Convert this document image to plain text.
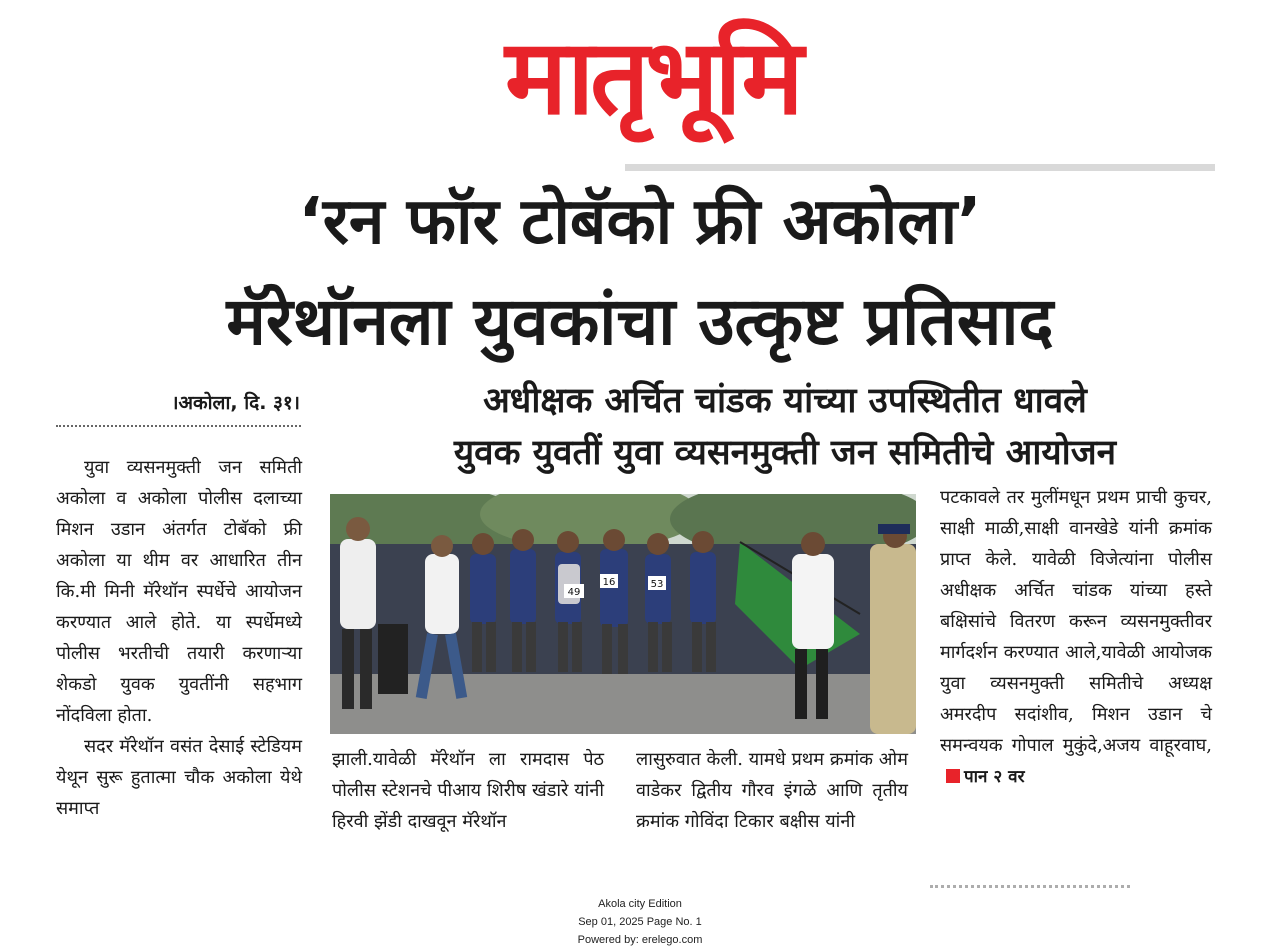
मातृभूमि
‘रन फॉर टोबॅको फ्री अकोला’
मॅरेथॉनला युवकांचा उत्कृष्ट प्रतिसाद
अधीक्षक अर्चित चांडक यांच्या उपस्थितीत धावले
युवक युवतीं युवा व्यसनमुक्ती जन समितीचे आयोजन
।अकोला, दि. ३१।

युवा व्यसनमुक्ती जन समिती अकोला व अकोला पोलीस दलाच्या मिशन उडान अंतर्गत टोबॅको फ्री अकोला या थीम वर आधारित तीन कि.मी मिनी मॅरेथॉन स्पर्धेचे आयोजन करण्यात आले होते. या स्पर्धेमध्ये पोलीस भरतीची तयारी करणाऱ्या शेकडो युवक युवतींनी सहभाग नोंदविला होता.

सदर मॅरेथॉन वसंत देसाई स्टेडियम येथून सुरू हुतात्मा चौक अकोला येथे समाप्त

49
53
16

झाली.यावेळी मॅरेथॉन ला रामदास पेठ पोलीस स्टेशनचे पीआय शिरीष खंडारे यांनी हिरवी झेंडी दाखवून मॅरेथॉन

लासुरुवात केली. यामधे प्रथम क्रमांक ओम वाडेकर द्वितीय गौरव इंगळे आणि तृतीय क्रमांक गोविंदा टिकार बक्षीस यांनी

पटकावले तर मुलींमधून प्रथम प्राची कुचर, साक्षी माळी,साक्षी वानखेडे यांनी क्रमांक प्राप्त केले. यावेळी विजेत्यांना पोलीस अधीक्षक अर्चित चांडक यांच्या हस्ते बक्षिसांचे वितरण करून व्यसनमुक्तीवर मार्गदर्शन करण्यात आले,यावेळी आयोजक युवा व्यसनमुक्ती समितीचे अध्यक्ष अमरदीप सदांशीव, मिशन उडान चे समन्वयक गोपाल मुकुंदे,अजय वाहूरवाघ,पान २ वर

Akola city Edition
Sep 01, 2025 Page No. 1
Powered by: erelego.com
